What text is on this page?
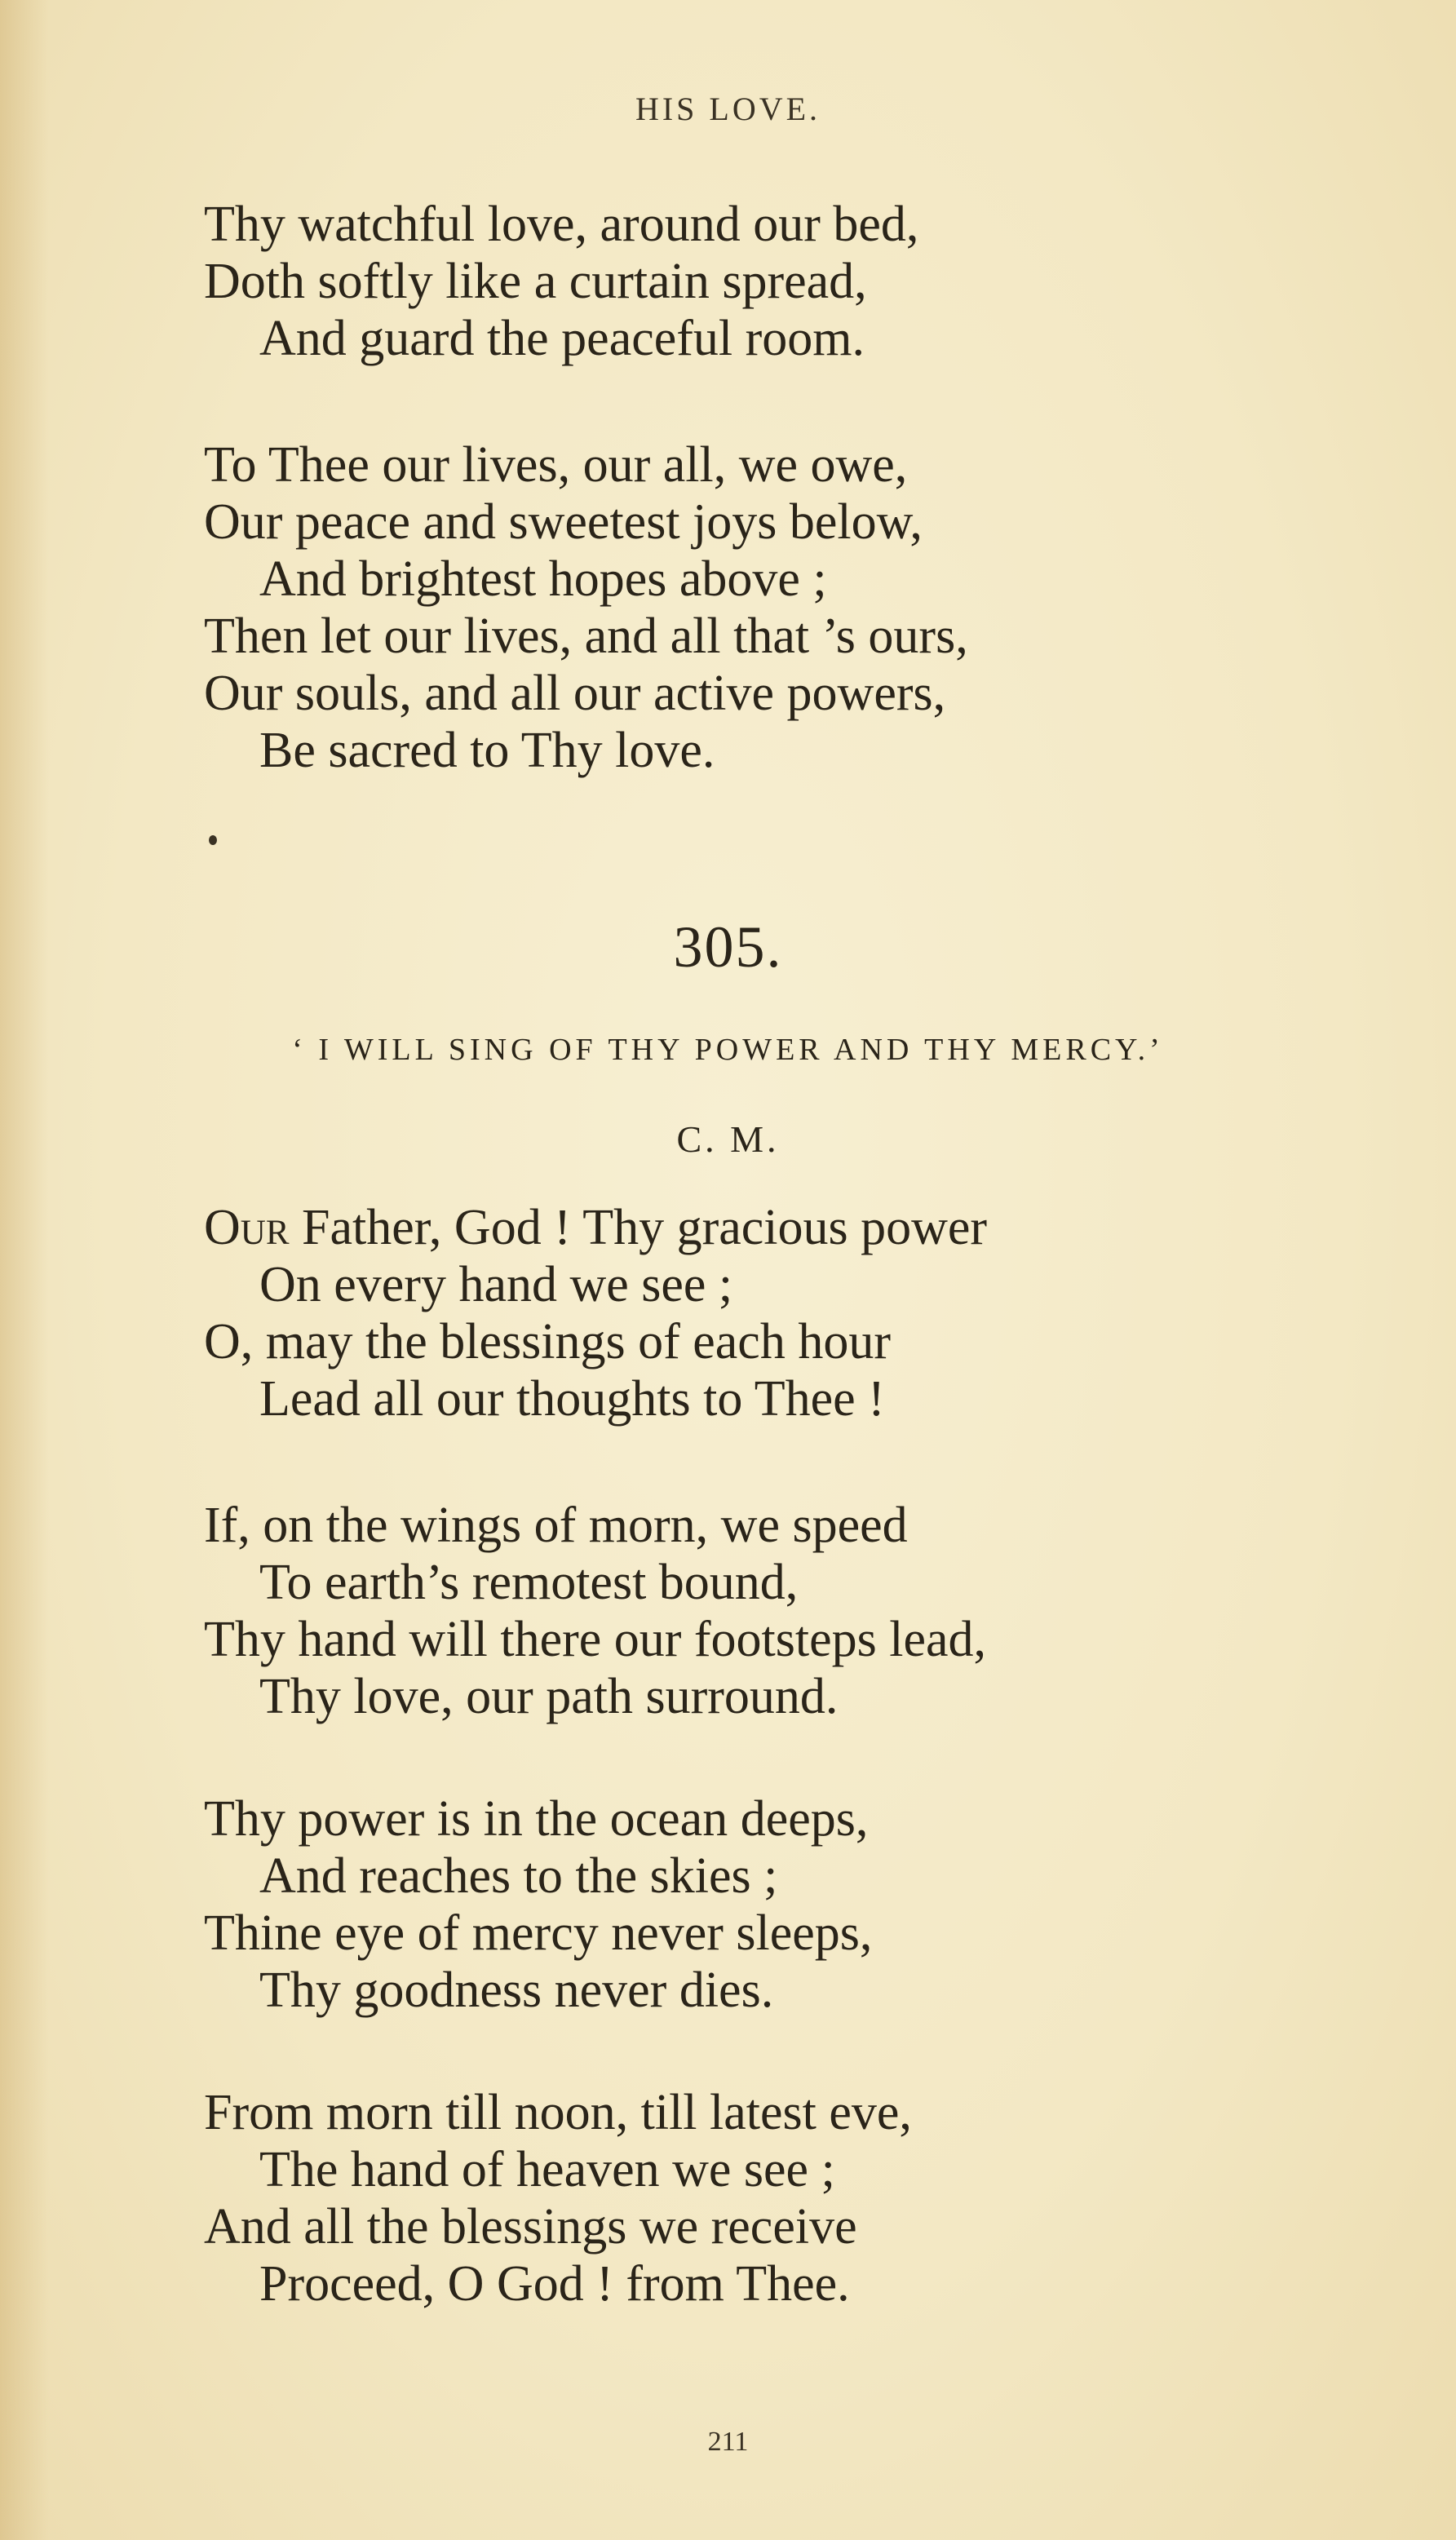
HIS LOVE.
Thy watchful love, around our bed,
Doth softly like a curtain spread,
And guard the peaceful room.
To Thee our lives, our all, we owe,
Our peace and sweetest joys below,
And brightest hopes above ;
Then let our lives, and all that ’s ours,
Our souls, and all our active powers,
Be sacred to Thy love.
305.
‘ I WILL SING OF THY POWER AND THY MERCY.’
C. M.
Our Father, God ! Thy gracious power
On every hand we see ;
O, may the blessings of each hour
Lead all our thoughts to Thee !
If, on the wings of morn, we speed
To earth’s remotest bound,
Thy hand will there our footsteps lead,
Thy love, our path surround.
Thy power is in the ocean deeps,
And reaches to the skies ;
Thine eye of mercy never sleeps,
Thy goodness never dies.
From morn till noon, till latest eve,
The hand of heaven we see ;
And all the blessings we receive
Proceed, O God ! from Thee.
211
